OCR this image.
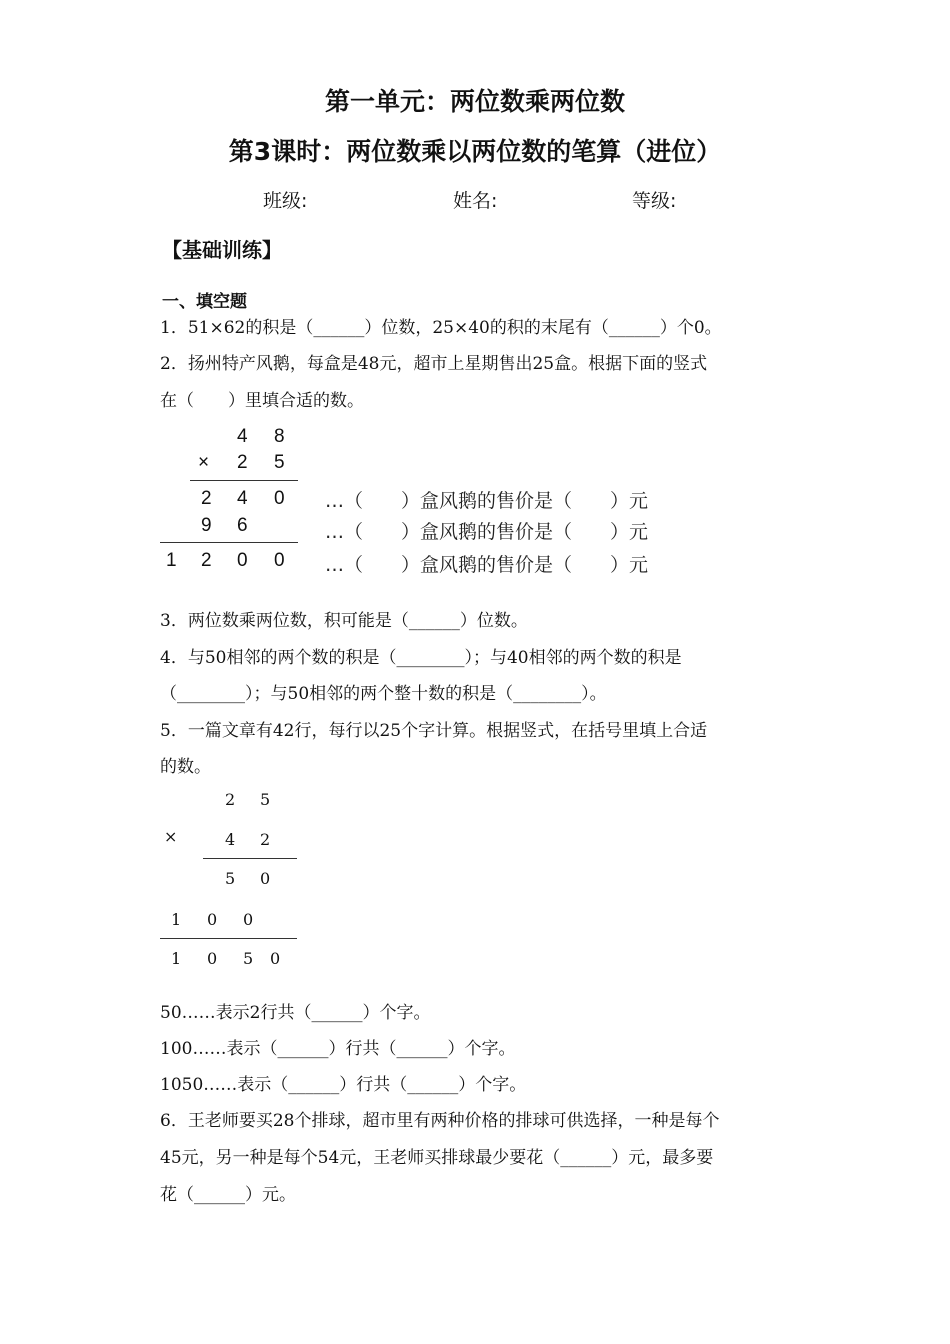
第一单元：两位数乘两位数
第3课时：两位数乘以两位数的笔算（进位）
班级:	姓名:	等级:
【基础训练】
一、填空题
1．51×62的积是（______）位数，25×40的积的末尾有（______）个0。
2．扬州特产风鹅，每盒是48元，超市上星期售出25盒。根据下面的竖式
在（　　）里填合适的数。
4 8
× 2 5
2 4 0
9 6
1 2 0 0
…（　　）盒风鹅的售价是（　　）元
…（　　）盒风鹅的售价是（　　）元
…（　　）盒风鹅的售价是（　　）元
3．两位数乘两位数，积可能是（______）位数。
4．与50相邻的两个数的积是（________）；与40相邻的两个数的积是
（________）；与50相邻的两个整十数的积是（________）。
5．一篇文章有42行，每行以25个字计算。根据竖式，在括号里填上合适
的数。
2 5
×	4 2
5 0
1 0 0
1 0 5 0
50……表示2行共（______）个字。
100……表示（______）行共（______）个字。
1050……表示（______）行共（______）个字。
6．王老师要买28个排球，超市里有两种价格的排球可供选择，一种是每个
45元，另一种是每个54元，王老师买排球最少要花（______）元，最多要
花（______）元。
